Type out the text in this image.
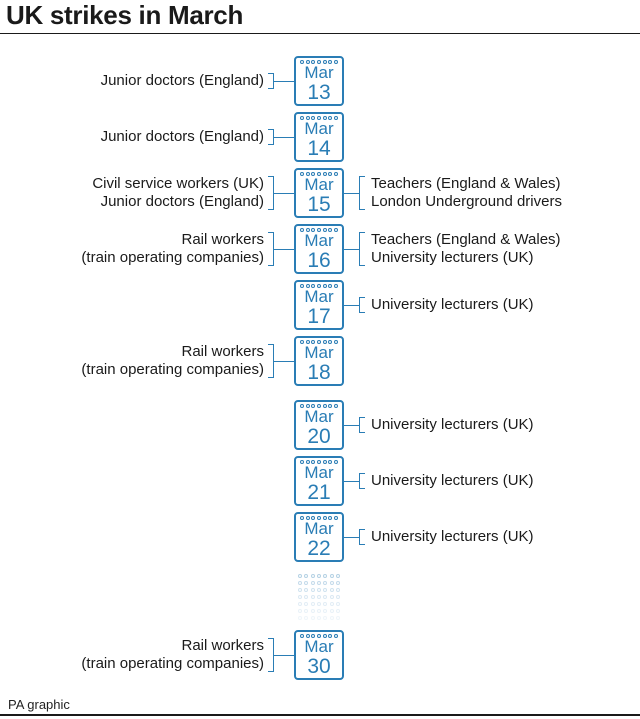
UK strikes in March
Mar
13
Junior doctors (England)
Mar
14
Junior doctors (England)
Mar
15
Civil service workers (UK)
Junior doctors (England)
Teachers (England & Wales)
London Underground drivers
Mar
16
Rail workers
(train operating companies)
Teachers (England & Wales)
University lecturers (UK)
Mar
17
University lecturers (UK)
Mar
18
Rail workers
(train operating companies)
Mar
20
University lecturers (UK)
Mar
21
University lecturers (UK)
Mar
22
University lecturers (UK)
Mar
30
Rail workers
(train operating companies)
PA graphic
